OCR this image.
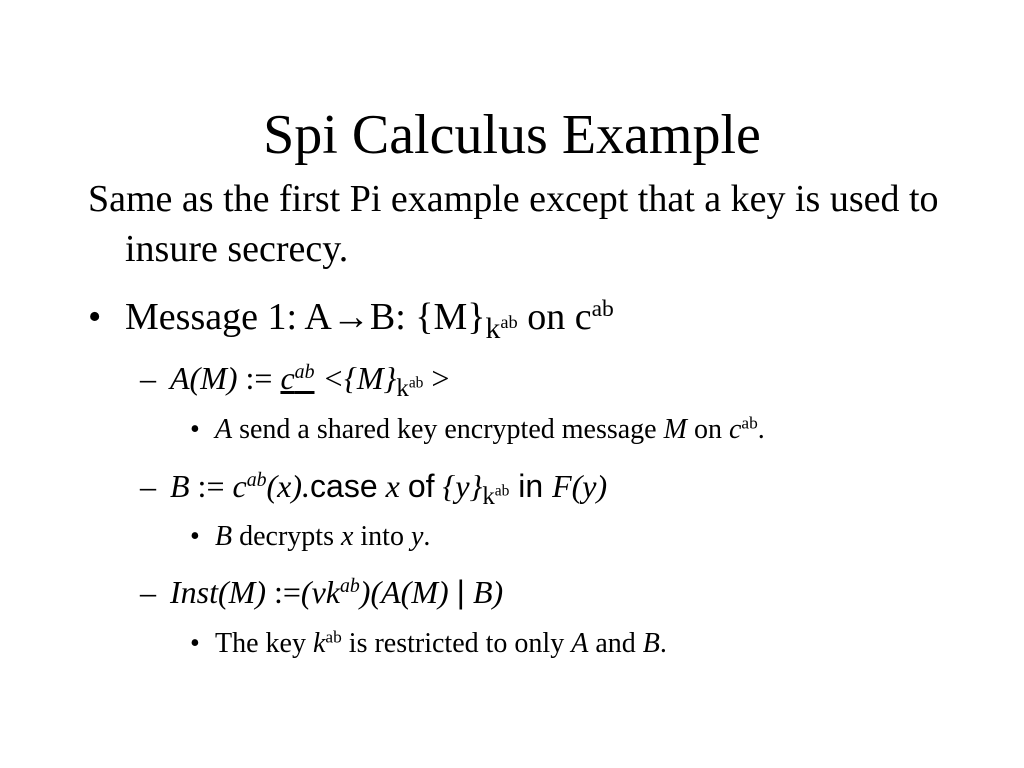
Spi Calculus Example
Same as the first Pi example except that a key is used to insure secrecy.
• Message 1: A→B: $\{M\}_{k^{ab}}$ on $c^{ab}$
– A(M) := $c^{ab} <\{M\}_{k^{ab}}$ >
• A send a shared key encrypted message M on $c^{ab}$.
– B := $c^{ab}(x).case$ x of $\{y\}_{k^{ab}}$ in F(y)
• B decrypts x into y.
– Inst(M) $:=(\nu k^{ab})(A(M)$ | B)
• The key $k^{ab}$ is restricted to only A and B.
